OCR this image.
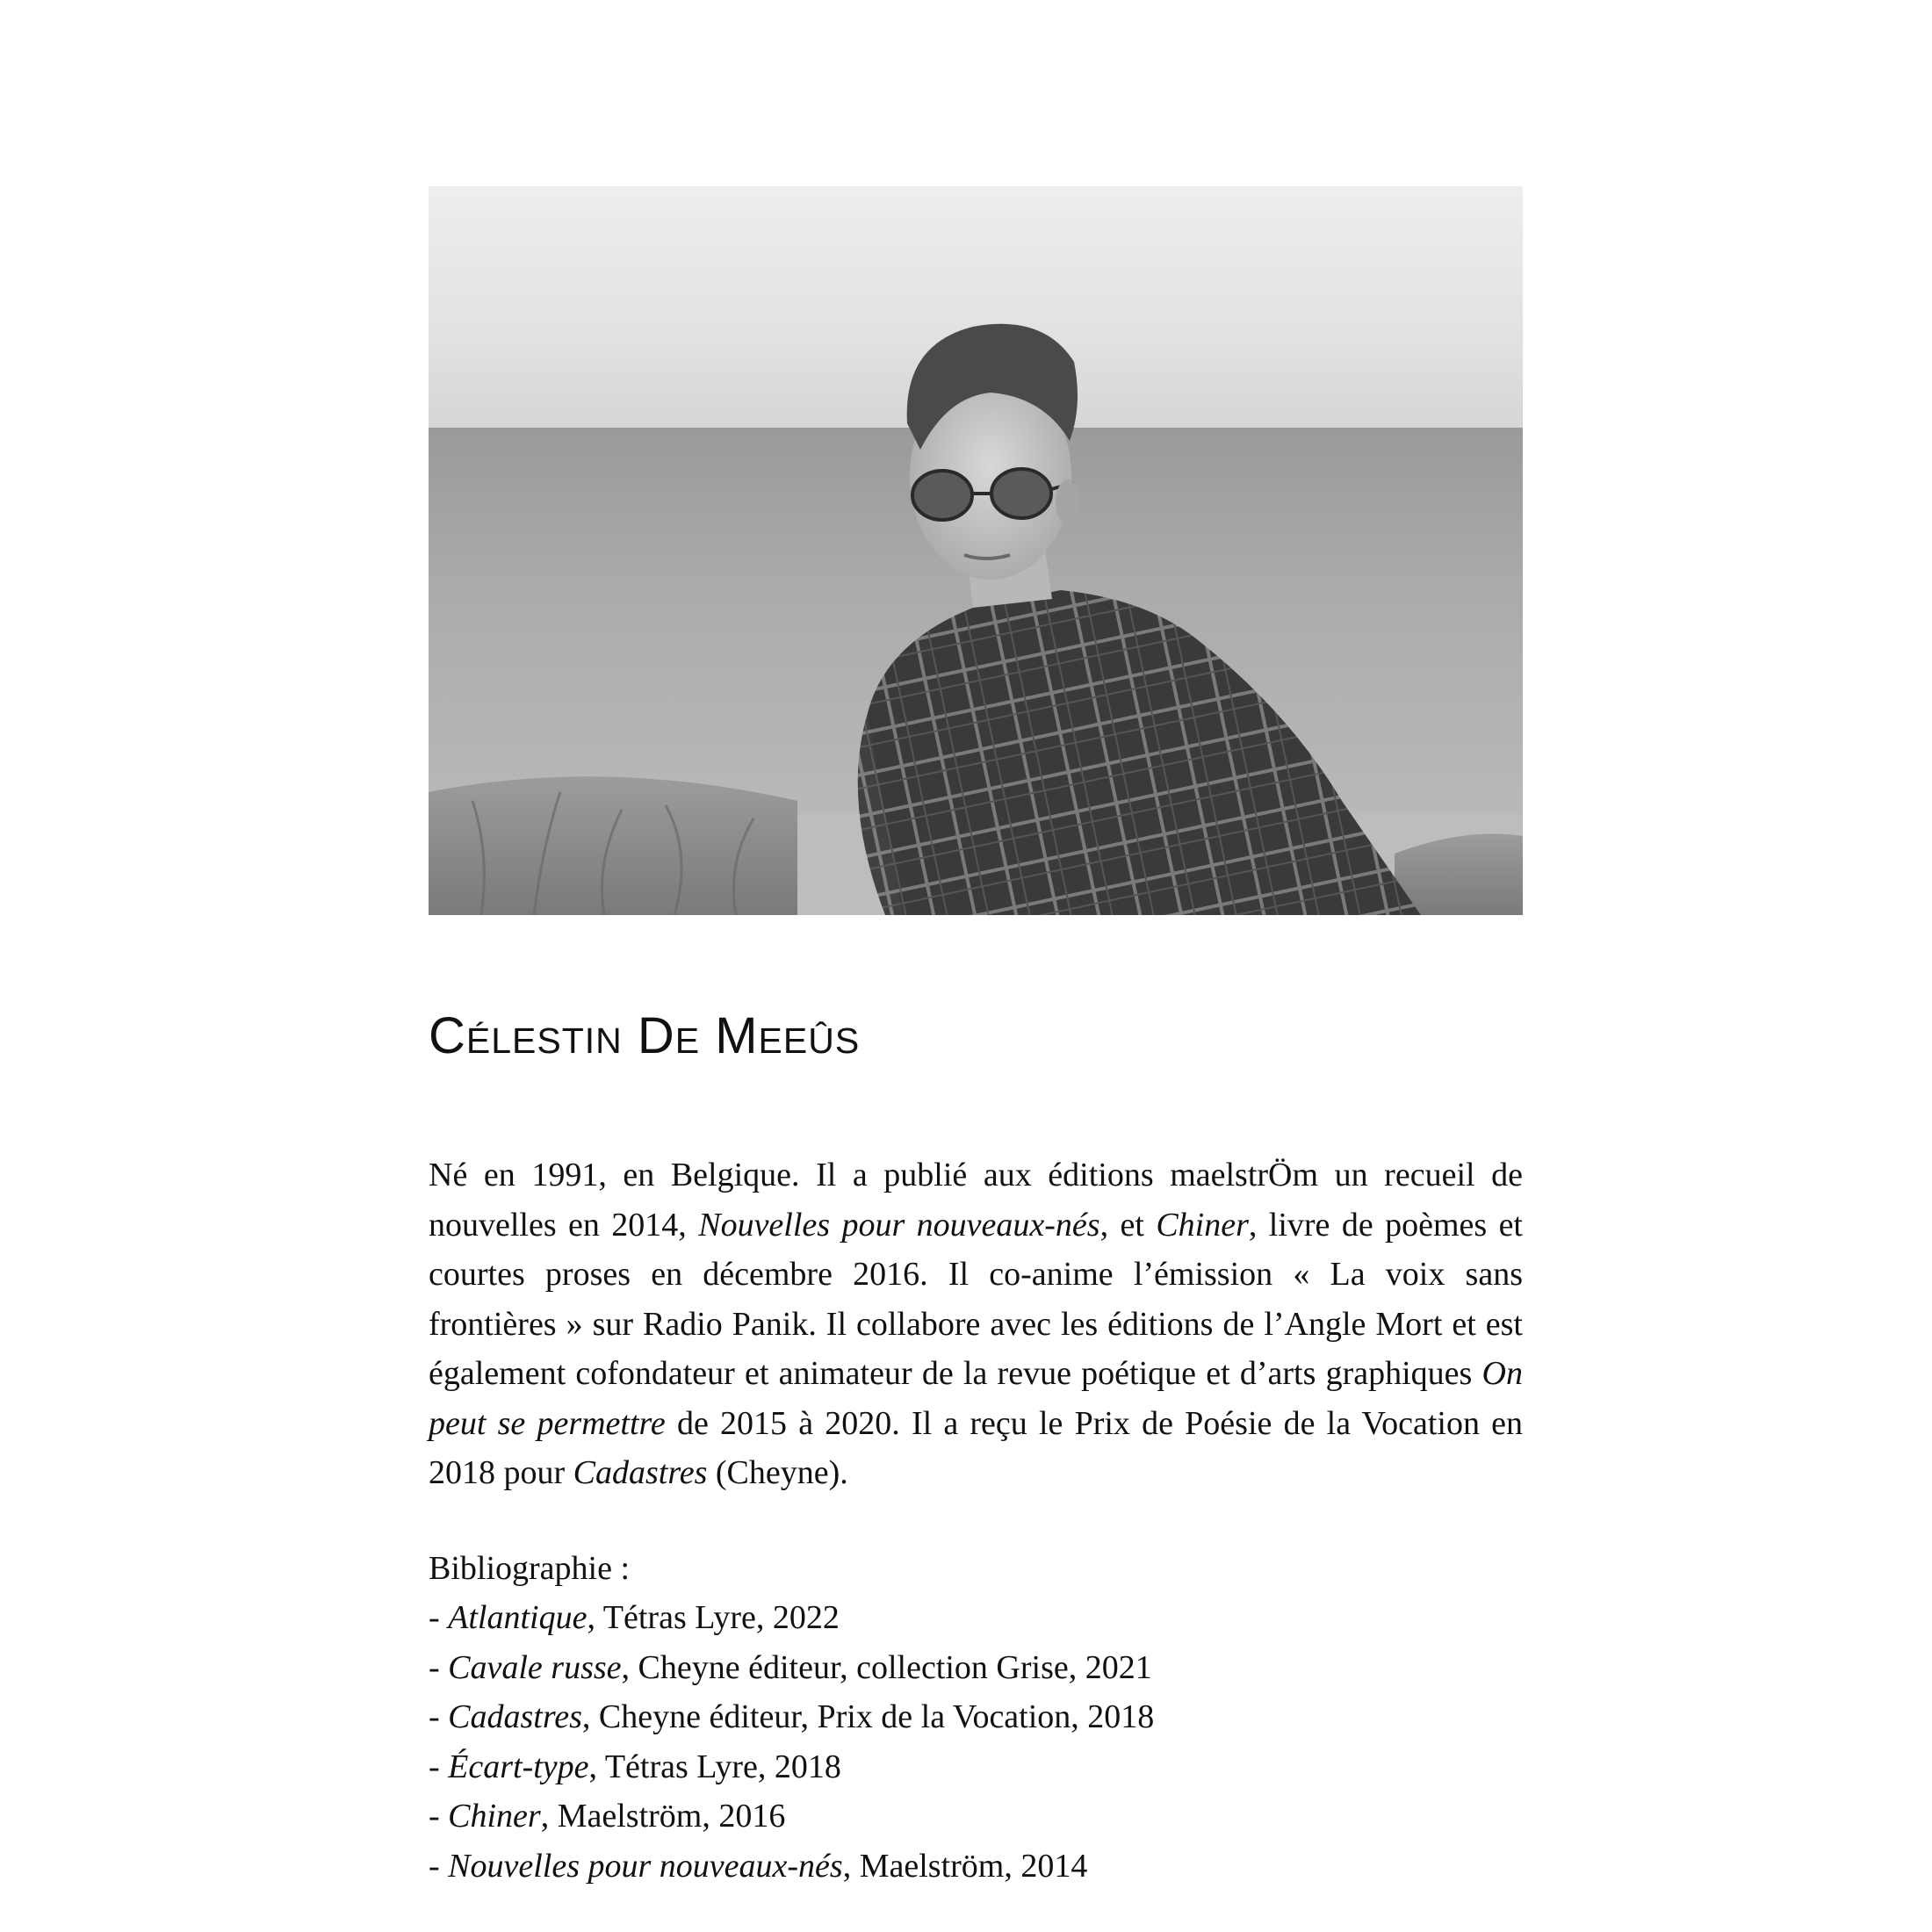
Célestin De Meeûs

Né en 1991, en Belgique. Il a publié aux éditions maelstrÖm un recueil de nouvelles en 2014, Nouvelles pour nouveaux-nés, et Chiner, livre de poèmes et courtes proses en décembre 2016. Il co-anime l’émission « La voix sans frontières » sur Radio Panik. Il collabore avec les éditions de l’Angle Mort et est également cofondateur et animateur de la revue poétique et d’arts graphiques On peut se permettre de 2015 à 2020. Il a reçu le Prix de Poésie de la Vocation en 2018 pour Cadastres (Cheyne).

Bibliographie :
- Atlantique, Tétras Lyre, 2022
- Cavale russe, Cheyne éditeur, collection Grise, 2021
- Cadastres, Cheyne éditeur, Prix de la Vocation, 2018
- Écart-type, Tétras Lyre, 2018
- Chiner, Maelström, 2016
- Nouvelles pour nouveaux-nés, Maelström, 2014
